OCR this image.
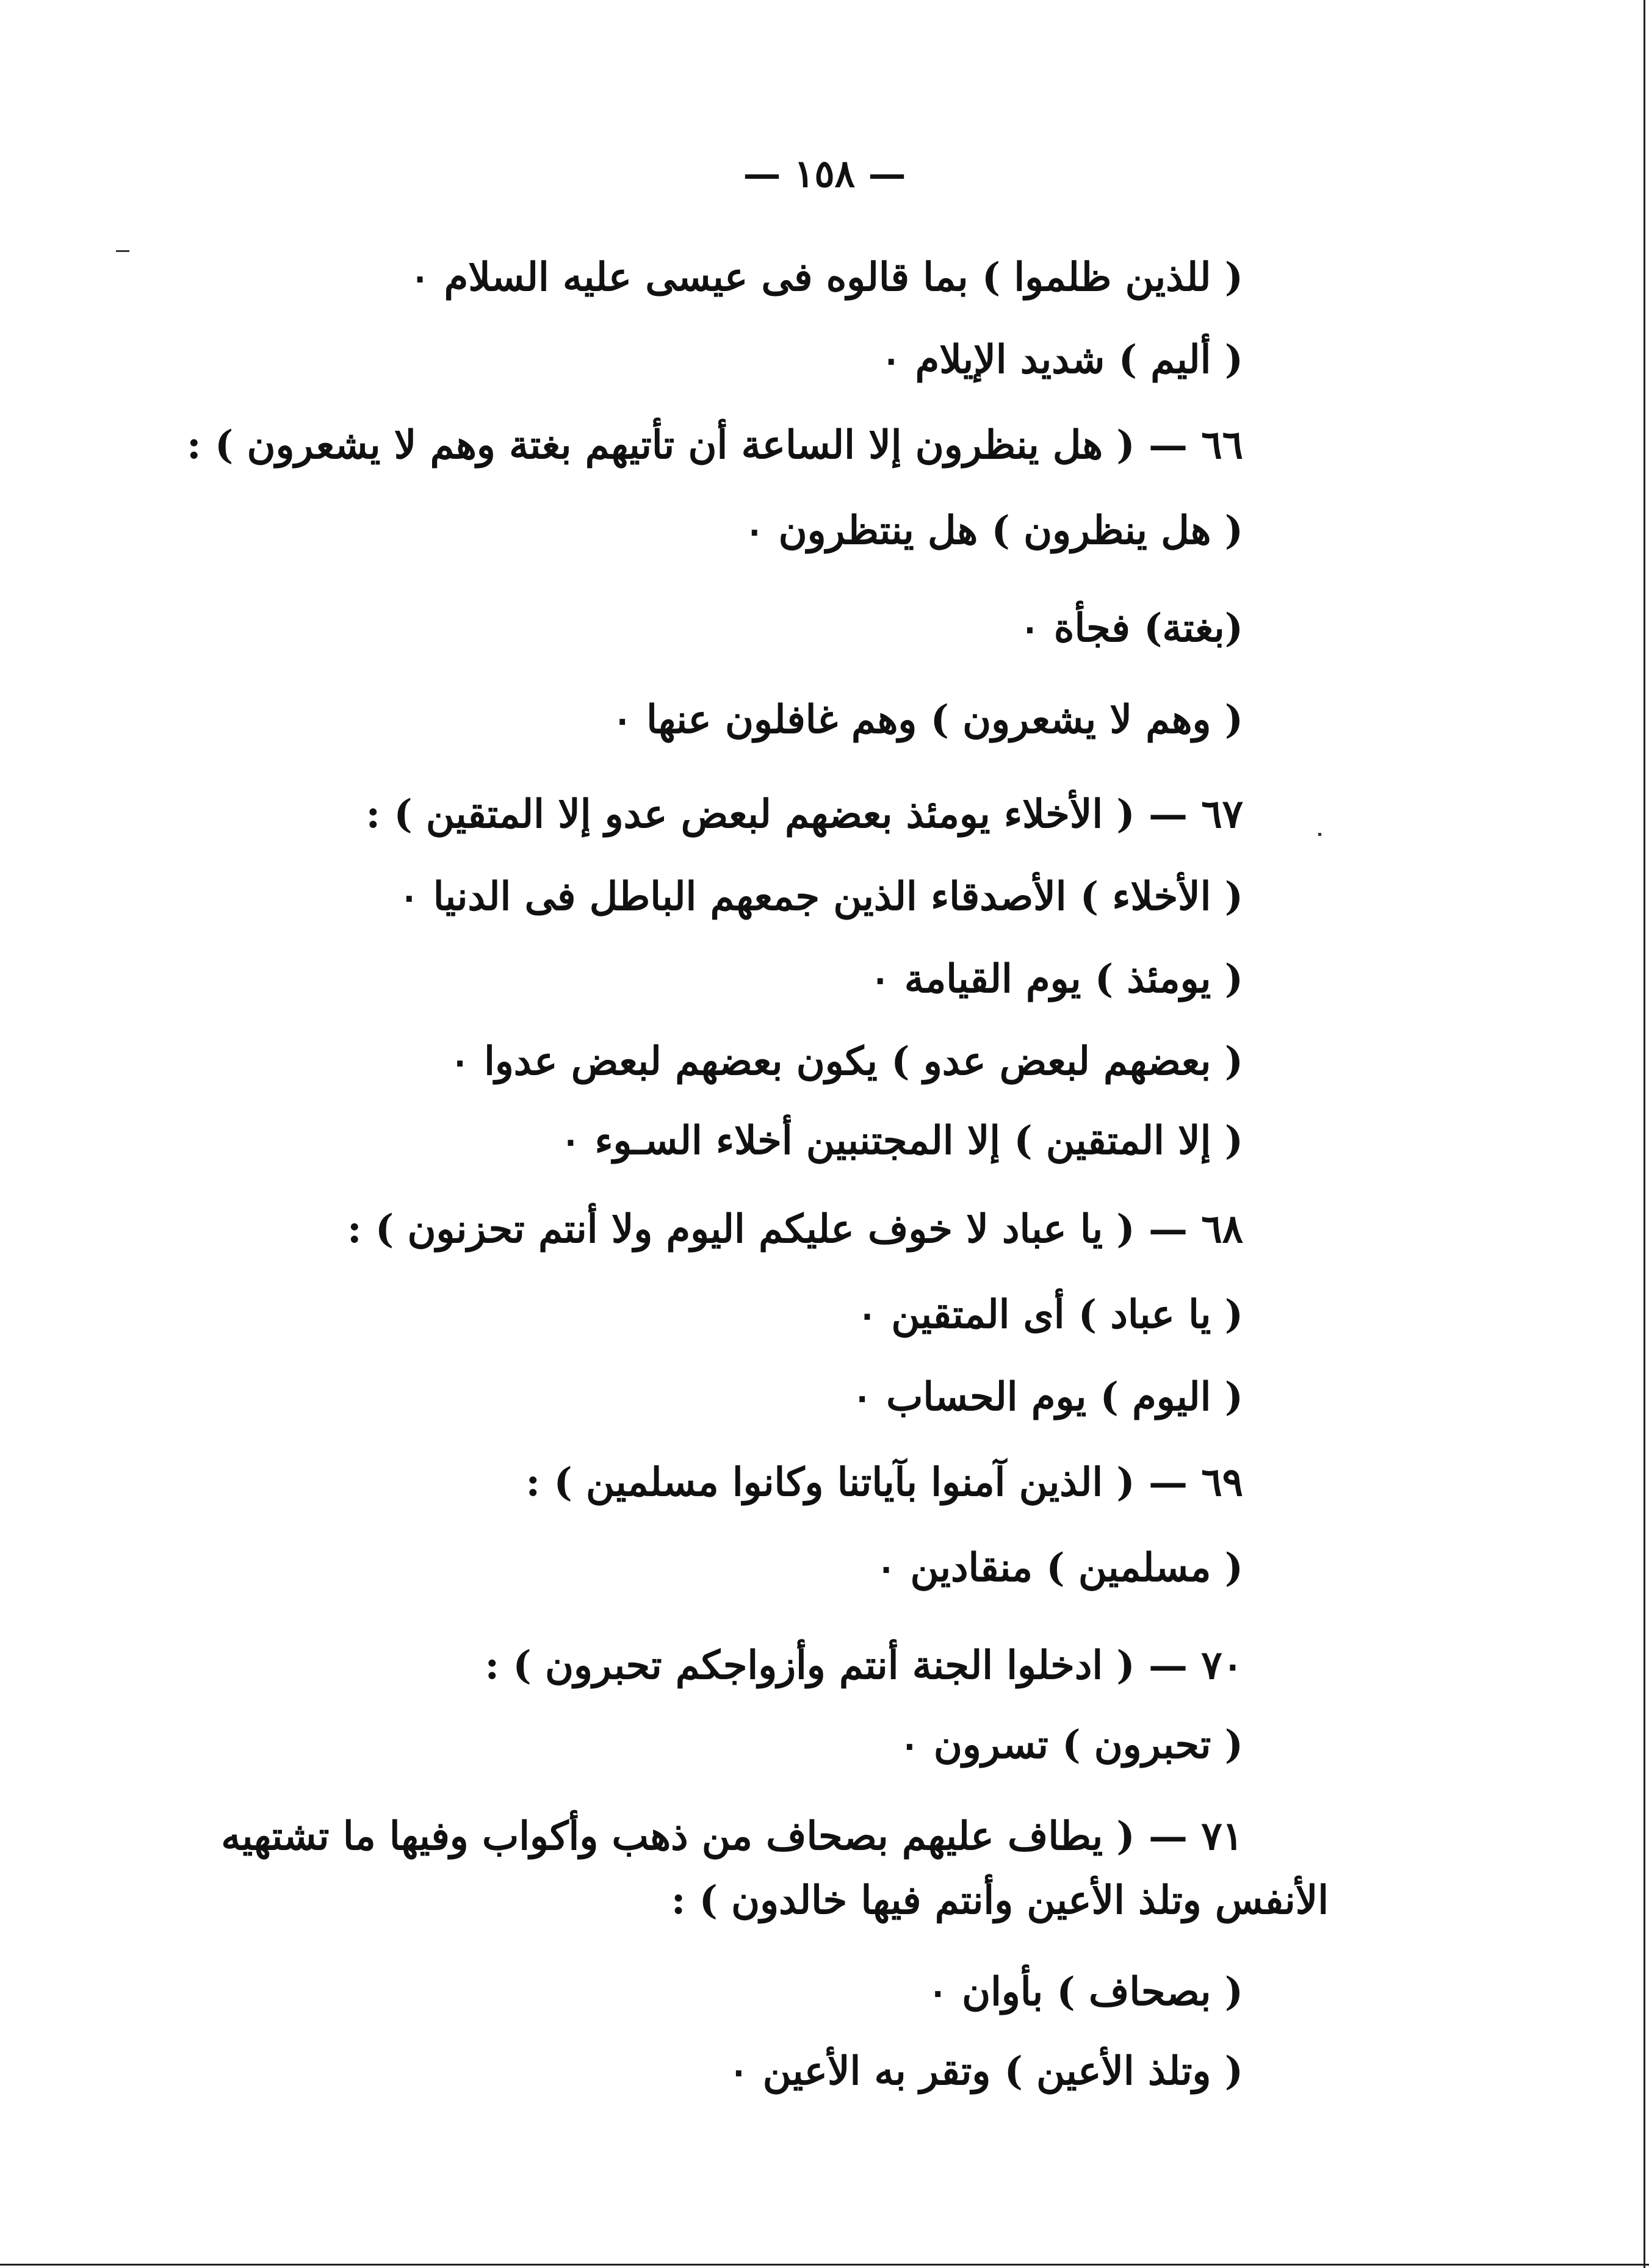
— ١٥٨ —
( للذين ظلموا ) بما قالوه فى عيسى عليه السلام ٠
( أليم ) شديد الإيلام ٠
٦٦ — ( هل ينظرون إلا الساعة أن تأتيهم بغتة وهم لا يشعرون ) :
( هل ينظرون ) هل ينتظرون ٠
(بغتة) فجأة ٠
( وهم لا يشعرون ) وهم غافلون عنها ٠
٦٧ — ( الأخلاء يومئذ بعضهم لبعض عدو إلا المتقين ) :
( الأخلاء ) الأصدقاء الذين جمعهم الباطل فى الدنيا ٠
( يومئذ ) يوم القيامة ٠
( بعضهم لبعض عدو ) يكون بعضهم لبعض عدوا ٠
( إلا المتقين ) إلا المجتنبين أخلاء السـوء ٠
٦٨ — ( يا عباد لا خوف عليكم اليوم ولا أنتم تحزنون ) :
( يا عباد ) أى المتقين ٠
( اليوم ) يوم الحساب ٠
٦٩ — ( الذين آمنوا بآياتنا وكانوا مسلمين ) :
( مسلمين ) منقادين ٠
٧٠ — ( ادخلوا الجنة أنتم وأزواجكم تحبرون ) :
( تحبرون ) تسرون ٠
٧١ — ( يطاف عليهم بصحاف من ذهب وأكواب وفيها ما تشتهيه
الأنفس وتلذ الأعين وأنتم فيها خالدون ) :
( بصحاف ) بأوان ٠
( وتلذ الأعين ) وتقر به الأعين ٠
